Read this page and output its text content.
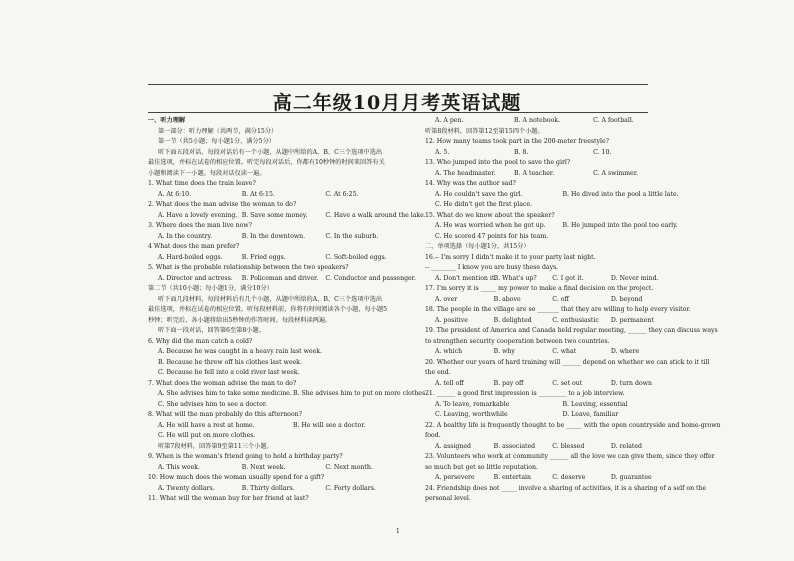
高二年级10月月考英语试题
一、听力理解
第一部分：听力理解（共两节，满分15分）
第一节（共5小题；每小题1分，满分5分）
听下面五段对话，每段对话后有一个小题，从题中所给的A、B、C三个选项中选出
最佳选项，并标在试卷的相应位置。听完每段对话后，你都有10秒钟的时间来回答有关
小题和阅读下一小题。每段对话仅读一遍。
1. What time does the train leave?
A. At 6:10.	B. At 6:15.	C. At 6:25.
2. What does the man advise the woman to do?
A. Have a lovely evening. B. Save some money.	C. Have a walk around the lake.
3. Where does the man live now?
A. In the country.	B. In the downtown.	C. In the suburb.
4 What does the man prefer?
A. Hard-boiled eggs.	B. Fried eggs.	C. Soft-boiled eggs.
5. What is the probable relationship between the two speakers?
A. Director and actress.	B. Policeman and driver.	C. Conductor and passenger.
第二节（共10小题；每小题1分，满分10分）
听下面几段材料，每段材料后有几个小题，从题中所给的A、B、C三个选项中选出
最佳选项，并标在试卷的相应位置。听每段材料前，你将有时间阅读各个小题，每小题5
秒钟；听完后，各小题将给出5秒钟的作答时间。每段材料读两遍。
听下面一段对话，回答第6至第8小题。
6. Why did the man catch a cold?
A. Because he was caught in a heavy rain last week.
B. Because he threw off his clothes last week.
C. Because he fell into a cold river last week.
7. What does the woman advise the man to do?
A. She advises him to take some medicine. B. She advises him to put on more clothes.
C. She advises him to see a doctor.
8. What will the man probably do this afternoon?
A. He will have a rest at home.	B. He will see a doctor.
C. He will put on more clothes.
听第7段材料，回答第9至第11三个小题。
9. When is the woman's friend going to hold a birthday party?
A. This week.	B. Next week.	C. Next month.
10. How much does the woman usually spend for a gift?
A. Twenty dollars.	B. Thirty dollars.	C. Forty dollars.
11. What will the woman buy for her friend at last?
A. A pen.	B. A notebook.	C. A football.
听第8段材料，回答第12至第15四个小题。
12. How many teams took part in the 200-meter freestyle?
A. 5.	B. 8.	C. 10.
13. Who jumped into the pool to save the girl?
A. The headmaster.	B. A teacher.	C. A swimmer.
14. Why was the author sad?
A. He couldn't save the girl.	B. He dived into the pool a little late.
C. He didn't get the first place.
15. What do we know about the speaker?
A. He was worried when he got up.	B. He jumped into the pool too early.
C. He scored 47 points for his team.
二、单项选择（每小题1分，共15分）
16.-- I'm sorry I didn't make it to your party last night.
-- ________ I know you are busy these days.
A. Don't mention it.
B. What's up?	C. I got it.	D. Never mind.
17. I'm sorry it is _____ my power to make a final decision on the project.
A. over	B. above	C. off	D. beyond
18. The people in the village are so _______ that they are willing to help every visitor.
A. positive	B. delighted	C. enthusiastic	D. permanent
19. The president of America and Canada held regular meeting, ______ they can discuss ways
to strengthen security cooperation between two countries.
A. which	B. why	C. what	D. where
20. Whether our years of hard training will ______ depend on whether we can stick to it till
the end.
A. tell off	B. pay off	C. set out	D. turn down
21. ______ a good first impression is _________ to a job interview.
A. To leave, remarkable	B. Leaving, essential
C. Leaving, worthwhile	D. Leave, familiar
22. A healthy life is frequently thought to be _____ with the open countryside and home-grown
food.
A. assigned	B. associated	C. blessed	D. related
23. Volunteers who work at community ______ all the love we can give them, since they offer
so much but get so little reputation.
A. persevere	B. entertain	C. deserve	D. guarantee
24. Friendship does not _____ involve a sharing of activities, it is a sharing of a self on the
personal level.
1
